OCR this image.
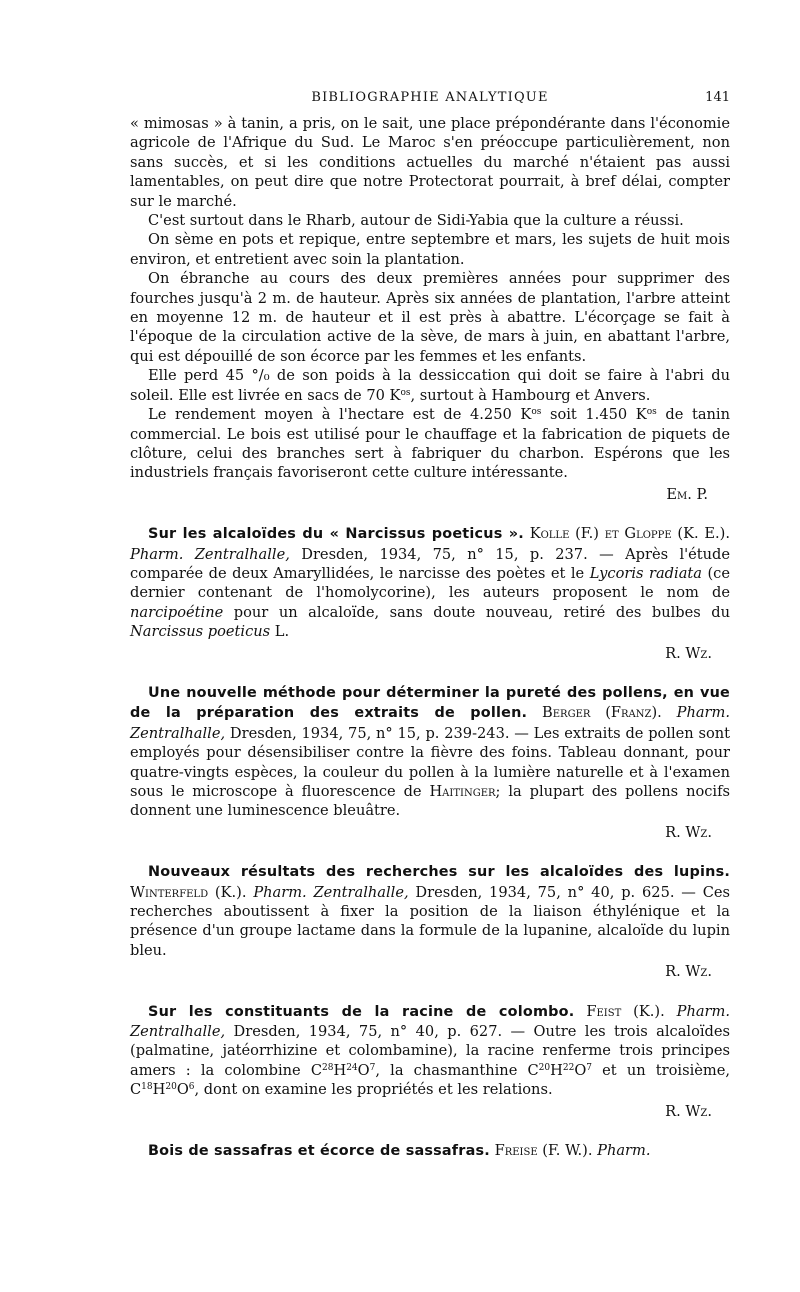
BIBLIOGRAPHIE ANALYTIQUE	141

« mimosas » à tanin, a pris, on le sait, une place prépondérante dans l'économie agricole de l'Afrique du Sud. Le Maroc s'en préoccupe particulièrement, non sans succès, et si les conditions actuelles du marché n'étaient pas aussi lamentables, on peut dire que notre Protectorat pourrait, à bref délai, compter sur le marché.

C'est surtout dans le Rharb, autour de Sidi-Yabia que la culture a réussi.

On sème en pots et repique, entre septembre et mars, les sujets de huit mois environ, et entretient avec soin la plantation.

On ébranche au cours des deux premières années pour supprimer des fourches jusqu'à 2 m. de hauteur. Après six années de plantation, l'arbre atteint en moyenne 12 m. de hauteur et il est près à abattre. L'écorçage se fait à l'époque de la circulation active de la sève, de mars à juin, en abattant l'arbre, qui est dépouillé de son écorce par les femmes et les enfants.

Elle perd 45 °/₀ de son poids à la dessiccation qui doit se faire à l'abri du soleil. Elle est livrée en sacs de 70 $K^{os}$, surtout à Hambourg et Anvers.

Le rendement moyen à l'hectare est de 4.250 $K^{os}$ soit 1.450 $K^{os}$ de tanin commercial. Le bois est utilisé pour le chauffage et la fabrication de piquets de clôture, celui des branches sert à fabriquer du charbon. Espérons que les industriels français favoriseront cette culture intéressante.

Em. P.

Sur les alcaloïdes du « Narcissus poeticus ». Kolle (F.) et Gloppe (K. E.). Pharm. Zentralhalle, Dresden, 1934, 75, n° 15, p. 237. — Après l'étude comparée de deux Amaryllidées, le narcisse des poètes et le Lycoris radiata (ce dernier contenant de l'homolycorine), les auteurs proposent le nom de narcipoétine pour un alcaloïde, sans doute nouveau, retiré des bulbes du Narcissus poeticus L.

R. Wz.

Une nouvelle méthode pour déterminer la pureté des pollens, en vue de la préparation des extraits de pollen. Berger (Franz). Pharm. Zentralhalle, Dresden, 1934, 75, n° 15, p. 239-243. — Les extraits de pollen sont employés pour désensibiliser contre la fièvre des foins. Tableau donnant, pour quatre-vingts espèces, la couleur du pollen à la lumière naturelle et à l'examen sous le microscope à fluorescence de Haitinger; la plupart des pollens nocifs donnent une luminescence bleuâtre.

R. Wz.

Nouveaux résultats des recherches sur les alcaloïdes des lupins. Winterfeld (K.). Pharm. Zentralhalle, Dresden, 1934, 75, n° 40, p. 625. — Ces recherches aboutissent à fixer la position de la liaison éthylénique et la présence d'un groupe lactame dans la formule de la lupanine, alcaloïde du lupin bleu.

R. Wz.

Sur les constituants de la racine de colombo. Feist (K.). Pharm. Zentralhalle, Dresden, 1934, 75, n° 40, p. 627. — Outre les trois alcaloïdes (palmatine, jatéorrhizine et colombamine), la racine renferme trois principes amers : la colombine $C^{28}H^{24}O^7$, la chasmanthine $C^{20}H^{22}O^7$ et un troisième, $C^{18}H^{20}O^6$, dont on examine les propriétés et les relations.

R. Wz.

Bois de sassafras et écorce de sassafras. Freise (F. W.). Pharm.
